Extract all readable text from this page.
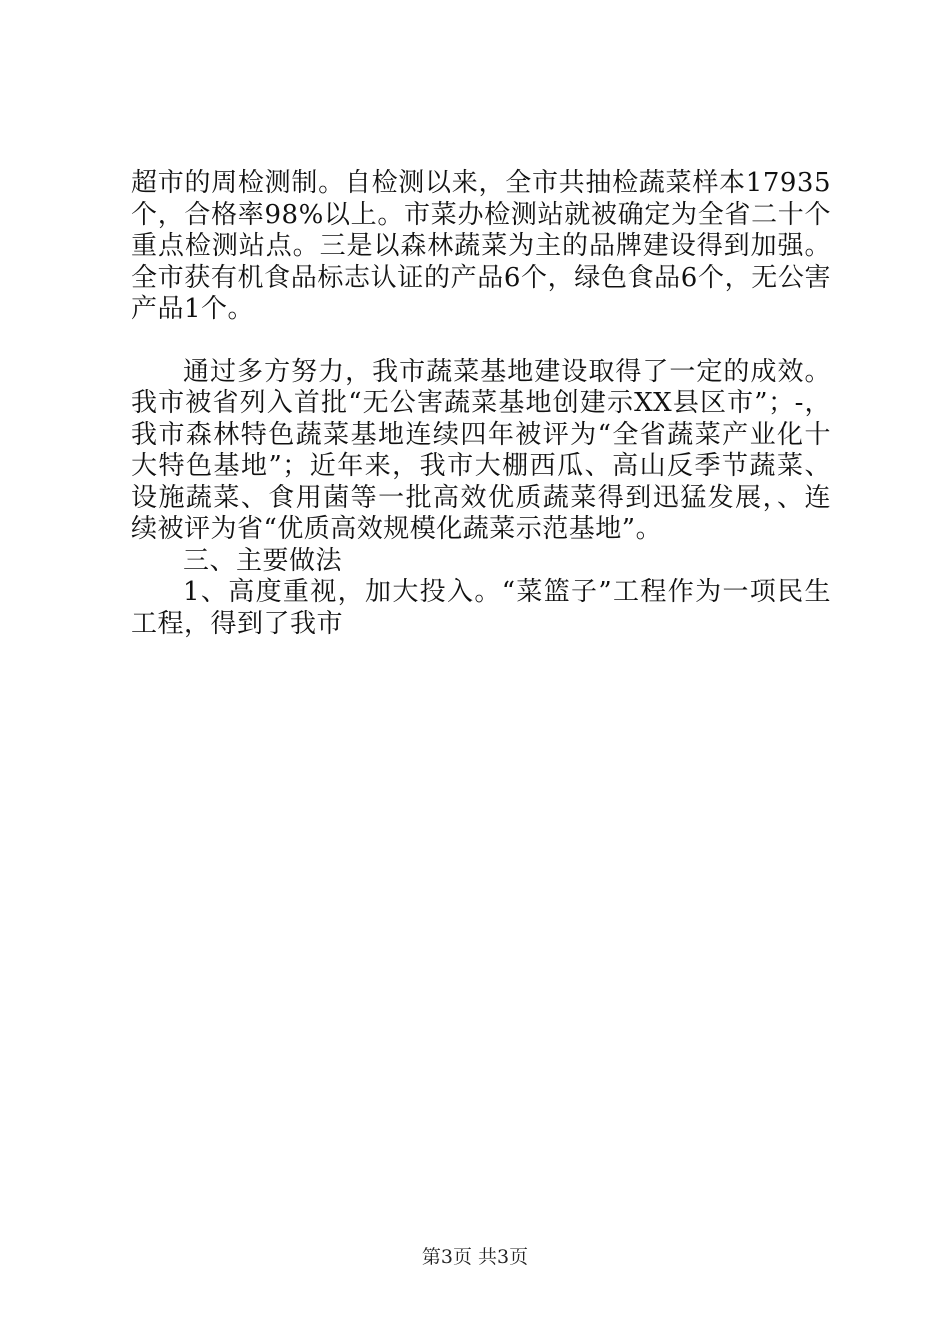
超市的周检测制。自检测以来，全市共抽检蔬菜样本17935个，合格率98%以上。市菜办检测站就被确定为全省二十个重点检测站点。三是以森林蔬菜为主的品牌建设得到加强。全市获有机食品标志认证的产品6个，绿色食品6个，无公害产品1个。

通过多方努力，我市蔬菜基地建设取得了一定的成效。我市被省列入首批“无公害蔬菜基地创建示XX县区市”；-，我市森林特色蔬菜基地连续四年被评为“全省蔬菜产业化十大特色基地”；近年来，我市大棚西瓜、高山反季节蔬菜、设施蔬菜、食用菌等一批高效优质蔬菜得到迅猛发展，、连续被评为省“优质高效规模化蔬菜示范基地”。

三、主要做法

1、高度重视，加大投入。“菜篮子”工程作为一项民生工程，得到了我市

第3页 共3页
